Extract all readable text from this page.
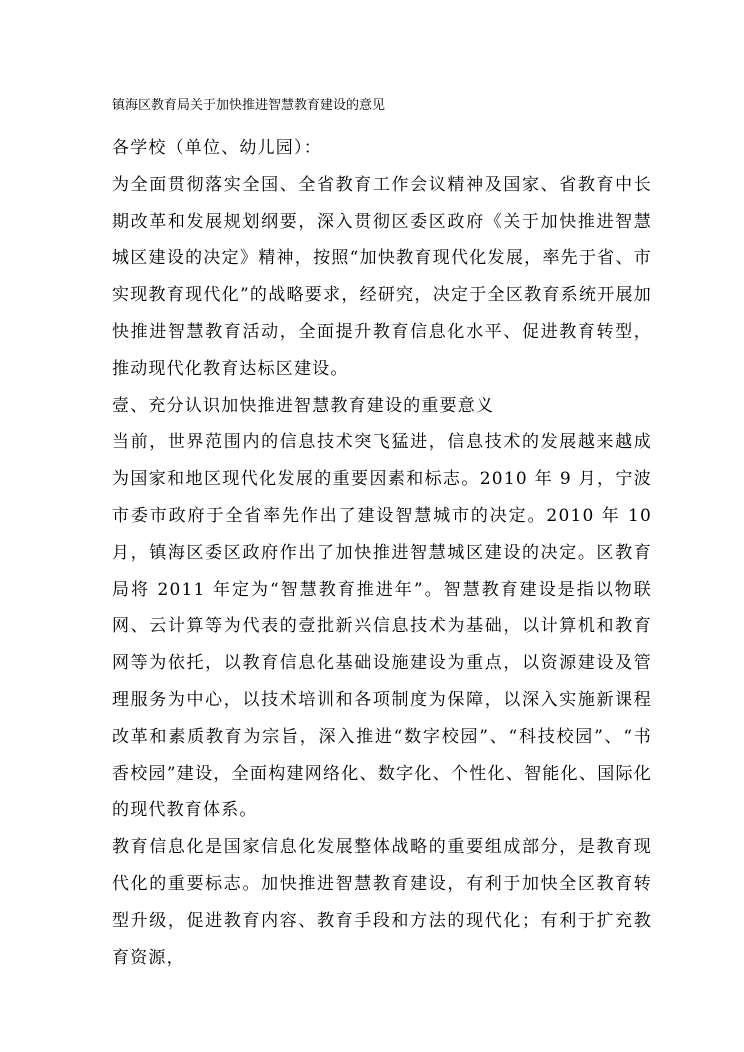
镇海区教育局关于加快推进智慧教育建设的意见

各学校（单位、幼儿园）：

为全面贯彻落实全国、全省教育工作会议精神及国家、省教育中长期改革和发展规划纲要，深入贯彻区委区政府《关于加快推进智慧城区建设的决定》精神，按照“加快教育现代化发展，率先于省、市实现教育现代化”的战略要求，经研究，决定于全区教育系统开展加快推进智慧教育活动，全面提升教育信息化水平、促进教育转型，推动现代化教育达标区建设。

壹、充分认识加快推进智慧教育建设的重要意义

当前，世界范围内的信息技术突飞猛进，信息技术的发展越来越成为国家和地区现代化发展的重要因素和标志。2010 年 9 月，宁波市委市政府于全省率先作出了建设智慧城市的决定。2010 年 10 月，镇海区委区政府作出了加快推进智慧城区建设的决定。区教育局将 2011 年定为“智慧教育推进年”。智慧教育建设是指以物联网、云计算等为代表的壹批新兴信息技术为基础，以计算机和教育网等为依托，以教育信息化基础设施建设为重点，以资源建设及管理服务为中心，以技术培训和各项制度为保障，以深入实施新课程改革和素质教育为宗旨，深入推进“数字校园”、“科技校园”、“书香校园”建设，全面构建网络化、数字化、个性化、智能化、国际化的现代教育体系。

教育信息化是国家信息化发展整体战略的重要组成部分，是教育现代化的重要标志。加快推进智慧教育建设，有利于加快全区教育转型升级，促进教育内容、教育手段和方法的现代化；有利于扩充教育资源，
